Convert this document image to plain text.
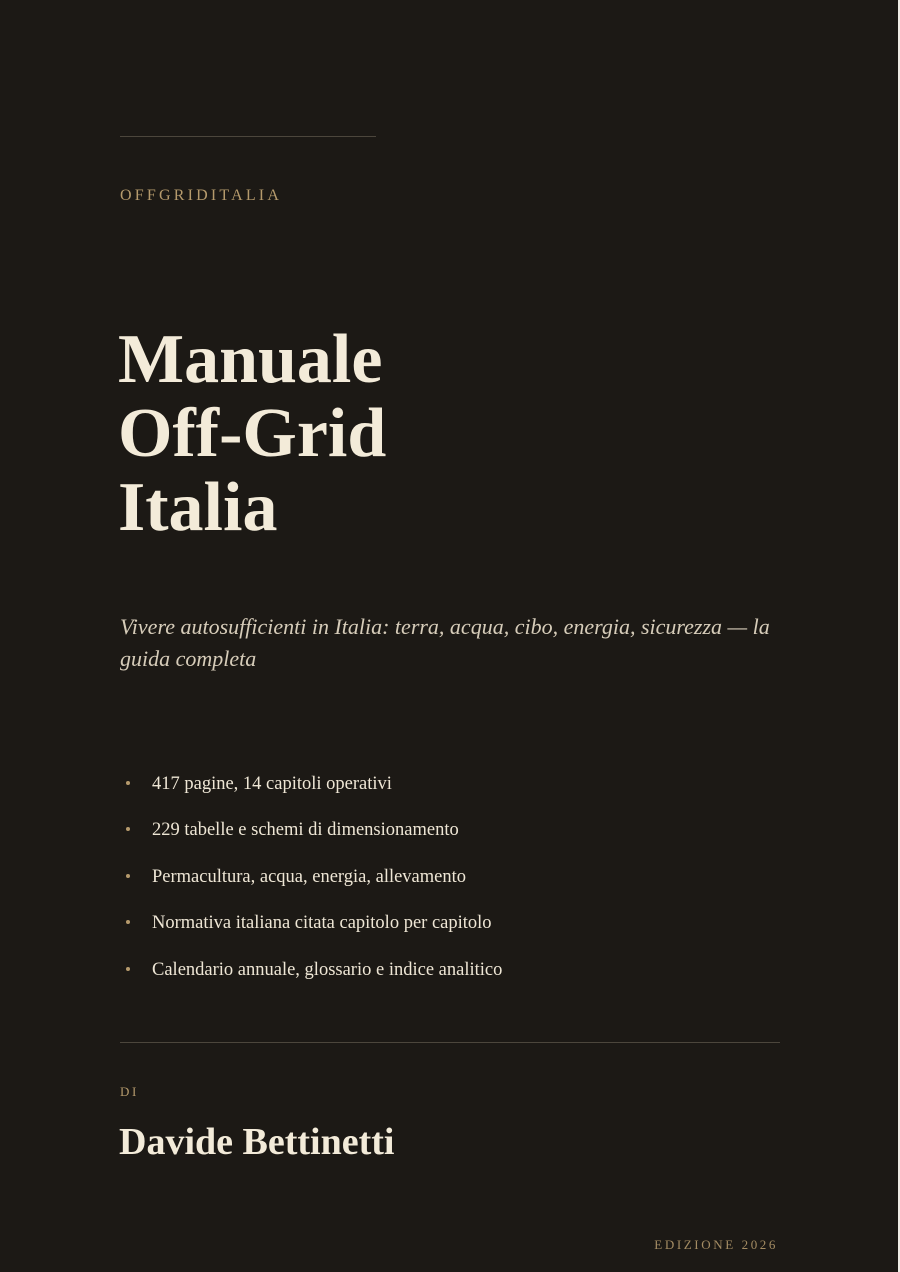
OFFGRIDITALIA

Manuale
Off-Grid
Italia

Vivere autosufficienti in Italia: terra, acqua, cibo, energia, sicurezza — la guida completa

417 pagine, 14 capitoli operativi
229 tabelle e schemi di dimensionamento
Permacultura, acqua, energia, allevamento
Normativa italiana citata capitolo per capitolo
Calendario annuale, glossario e indice analitico

DI

Davide Bettinetti

EDIZIONE 2026
